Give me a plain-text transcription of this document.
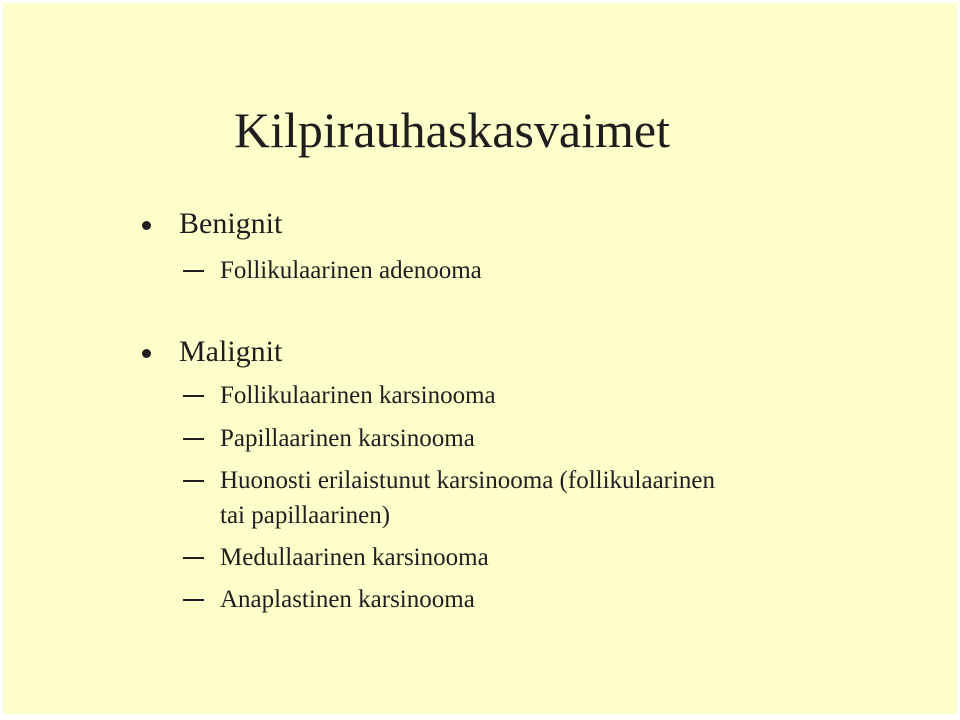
Kilpirauhaskasvaimet
Benignit
Follikulaarinen adenooma
Malignit
Follikulaarinen karsinooma
Papillaarinen karsinooma
Huonosti erilaistunut karsinooma (follikulaarinen
tai papillaarinen)
Medullaarinen karsinooma
Anaplastinen karsinooma
